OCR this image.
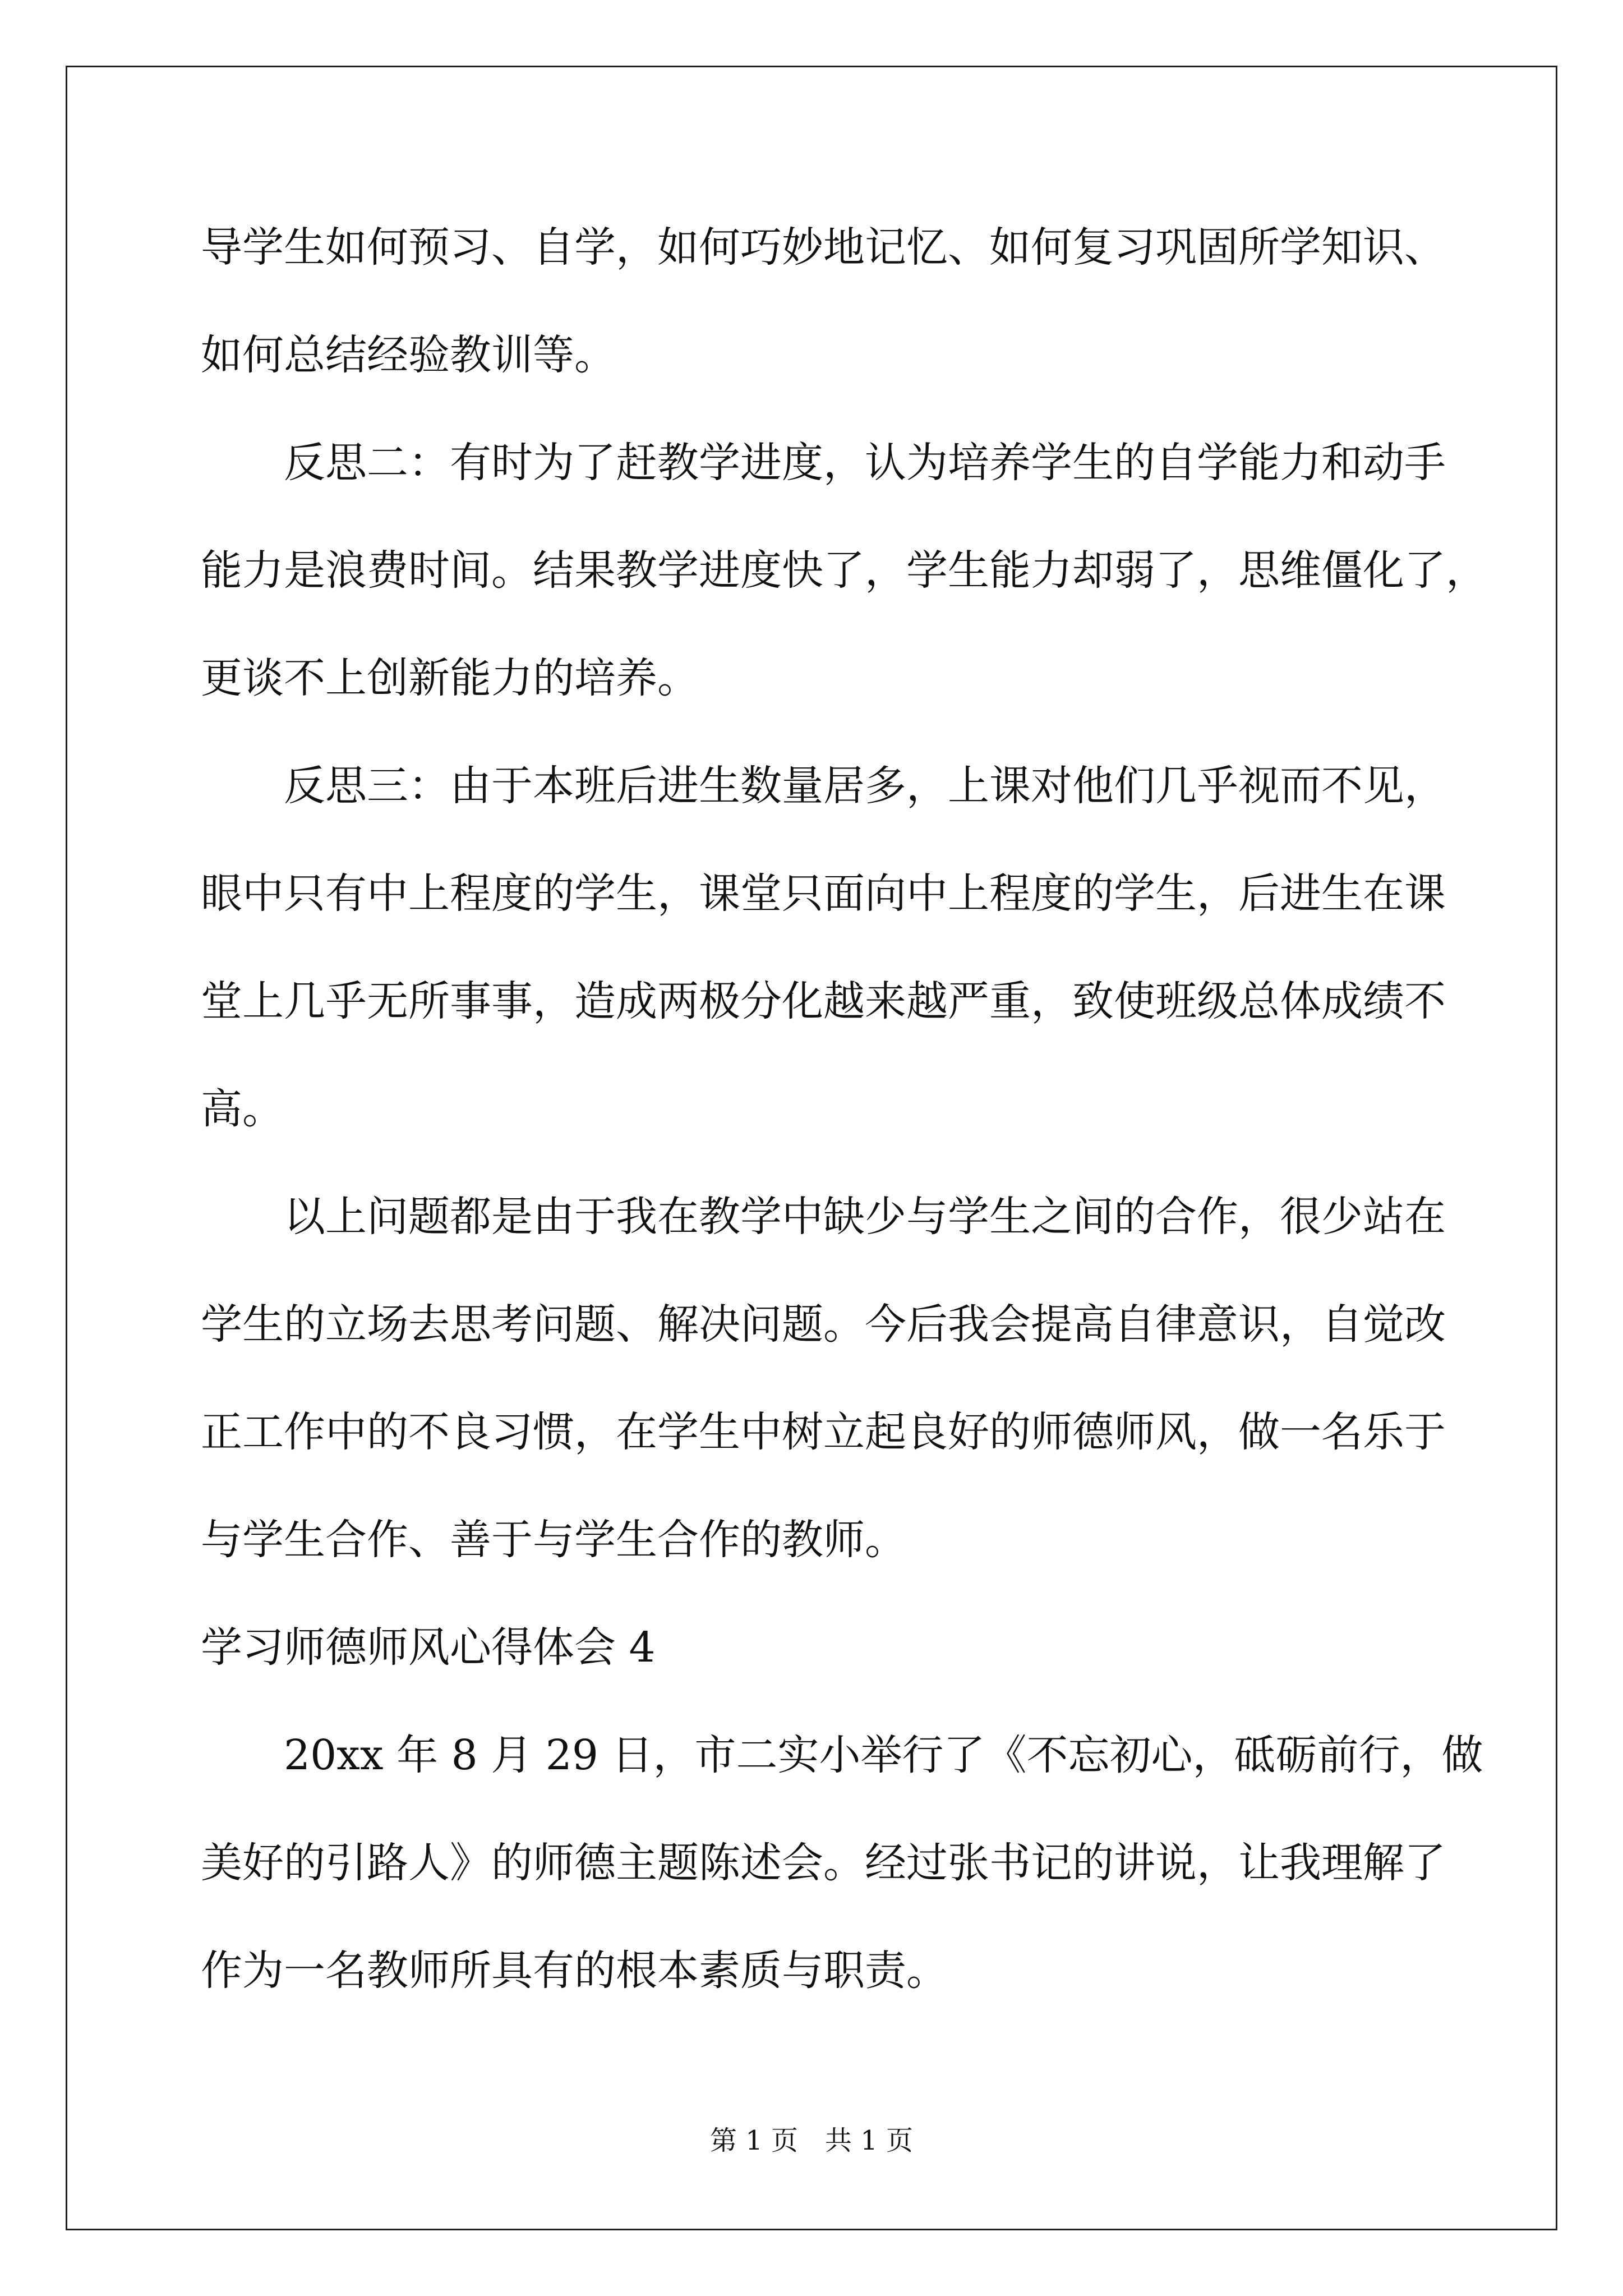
导学生如何预习、自学，如何巧妙地记忆、如何复习巩固所学知识、
如何总结经验教训等。
反思二：有时为了赶教学进度，认为培养学生的自学能力和动手
能力是浪费时间。结果教学进度快了，学生能力却弱了，思维僵化了，
更谈不上创新能力的培养。
反思三：由于本班后进生数量居多，上课对他们几乎视而不见，
眼中只有中上程度的学生，课堂只面向中上程度的学生，后进生在课
堂上几乎无所事事，造成两极分化越来越严重，致使班级总体成绩不
高。
以上问题都是由于我在教学中缺少与学生之间的合作，很少站在
学生的立场去思考问题、解决问题。今后我会提高自律意识，自觉改
正工作中的不良习惯，在学生中树立起良好的师德师风，做一名乐于
与学生合作、善于与学生合作的教师。
学习师德师风心得体会 4
20xx 年 8 月 29 日，市二实小举行了《不忘初心，砥砺前行，做
美好的引路人》的师德主题陈述会。经过张书记的讲说，让我理解了
作为一名教师所具有的根本素质与职责。
第 1 页　共 1 页
